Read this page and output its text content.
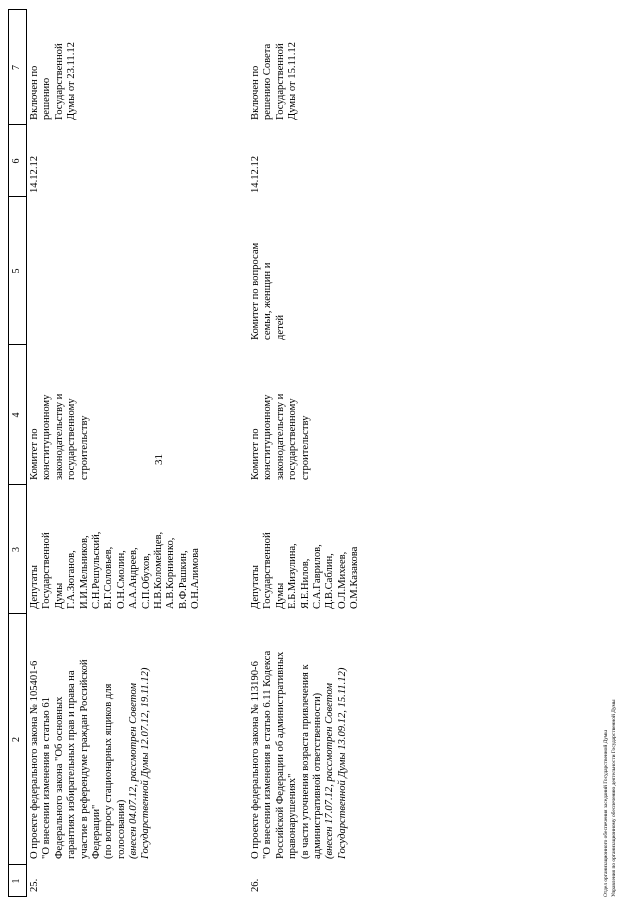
31
1
2
3
4
5
6
7
25.
О проекте федерального закона № 105401-6 "О внесении изменения в статью 61
Федерального закона "Об основных
гарантиях избирательных прав и права на
участие в референдуме граждан Российской
Федерации"
(по вопросу стационарных ящиков для
голосования) (внесен 04.07.12, рассмотрен Советом
Государственной Думы 12.07.12, 19.11.12)
Депутаты
Государственной
Думы
Г.А.Зюганов,
И.И.Мельников,
С.Н.Решульский,
В.Г.Соловьев,
О.Н.Смолин,
А.А.Андреев,
С.П.Обухов,
Н.В.Коломейцев,
А.В.Корниенко,
В.Ф.Рашкин,
О.Н.Алимова
Комитет по
конституционному
законодательству и
государственному
строительству
14.12.12
Включен по
решению
Государственной
Думы от 23.11.12
26.
О проекте федерального закона № 113190-6 "О внесении изменения в статью 6.11 Кодекса
Российской Федерации об административных
правонарушениях"
(в части уточнения возраста привлечения к
административной ответственности)
(внесен 17.07.12, рассмотрен Советом
Государственной Думы 13.09.12, 15.11.12)
Депутаты
Государственной
Думы
Е.Б.Мизулина,
Я.Е.Нилов,
С.А.Гаврилов,
Д.В.Саблин,
О.Л.Михеев,
О.М.Казакова
Комитет по
конституционному
законодательству и
государственному
строительству
Комитет по вопросам
семьи, женщин и
детей
14.12.12
Включен по
решению Совета
Государственной
Думы от 15.11.12
Отдел организационного обеспечения заседаний Государственной Думы Управления по организационному обеспечению деятельности Государственной Думы
